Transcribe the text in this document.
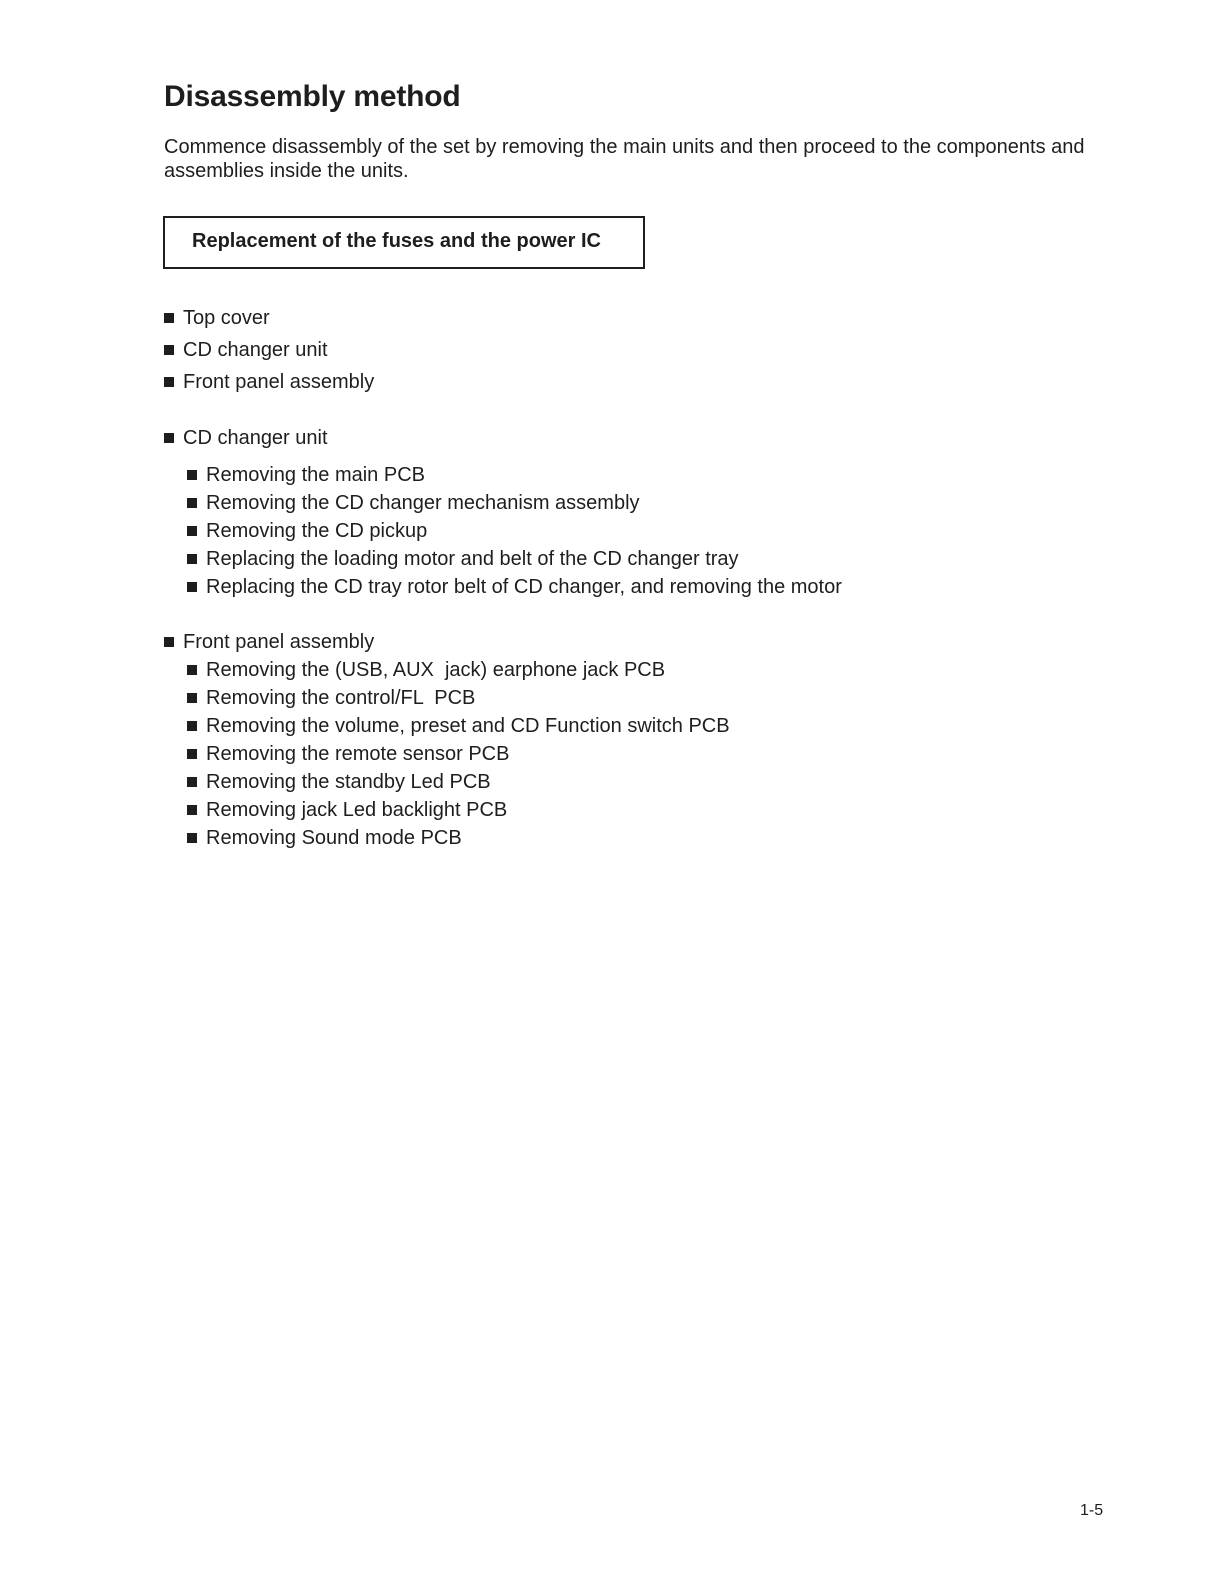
Disassembly method

Commence disassembly of the set by removing the main units and then proceed to the components and assemblies inside the units.

Replacement of the fuses and the power IC
Top cover
CD changer unit
Front panel assembly
CD changer unit
Removing the main PCB
Removing the CD changer mechanism assembly
Removing the CD pickup
Replacing the loading motor and belt of the CD changer tray
Replacing the CD tray rotor belt of CD changer, and removing the motor
Front panel assembly
Removing the (USB, AUX  jack) earphone jack PCB
Removing the control/FL  PCB
Removing the volume, preset and CD Function switch PCB
Removing the remote sensor PCB
Removing the standby Led PCB
Removing jack Led backlight PCB
Removing Sound mode PCB
1-5
